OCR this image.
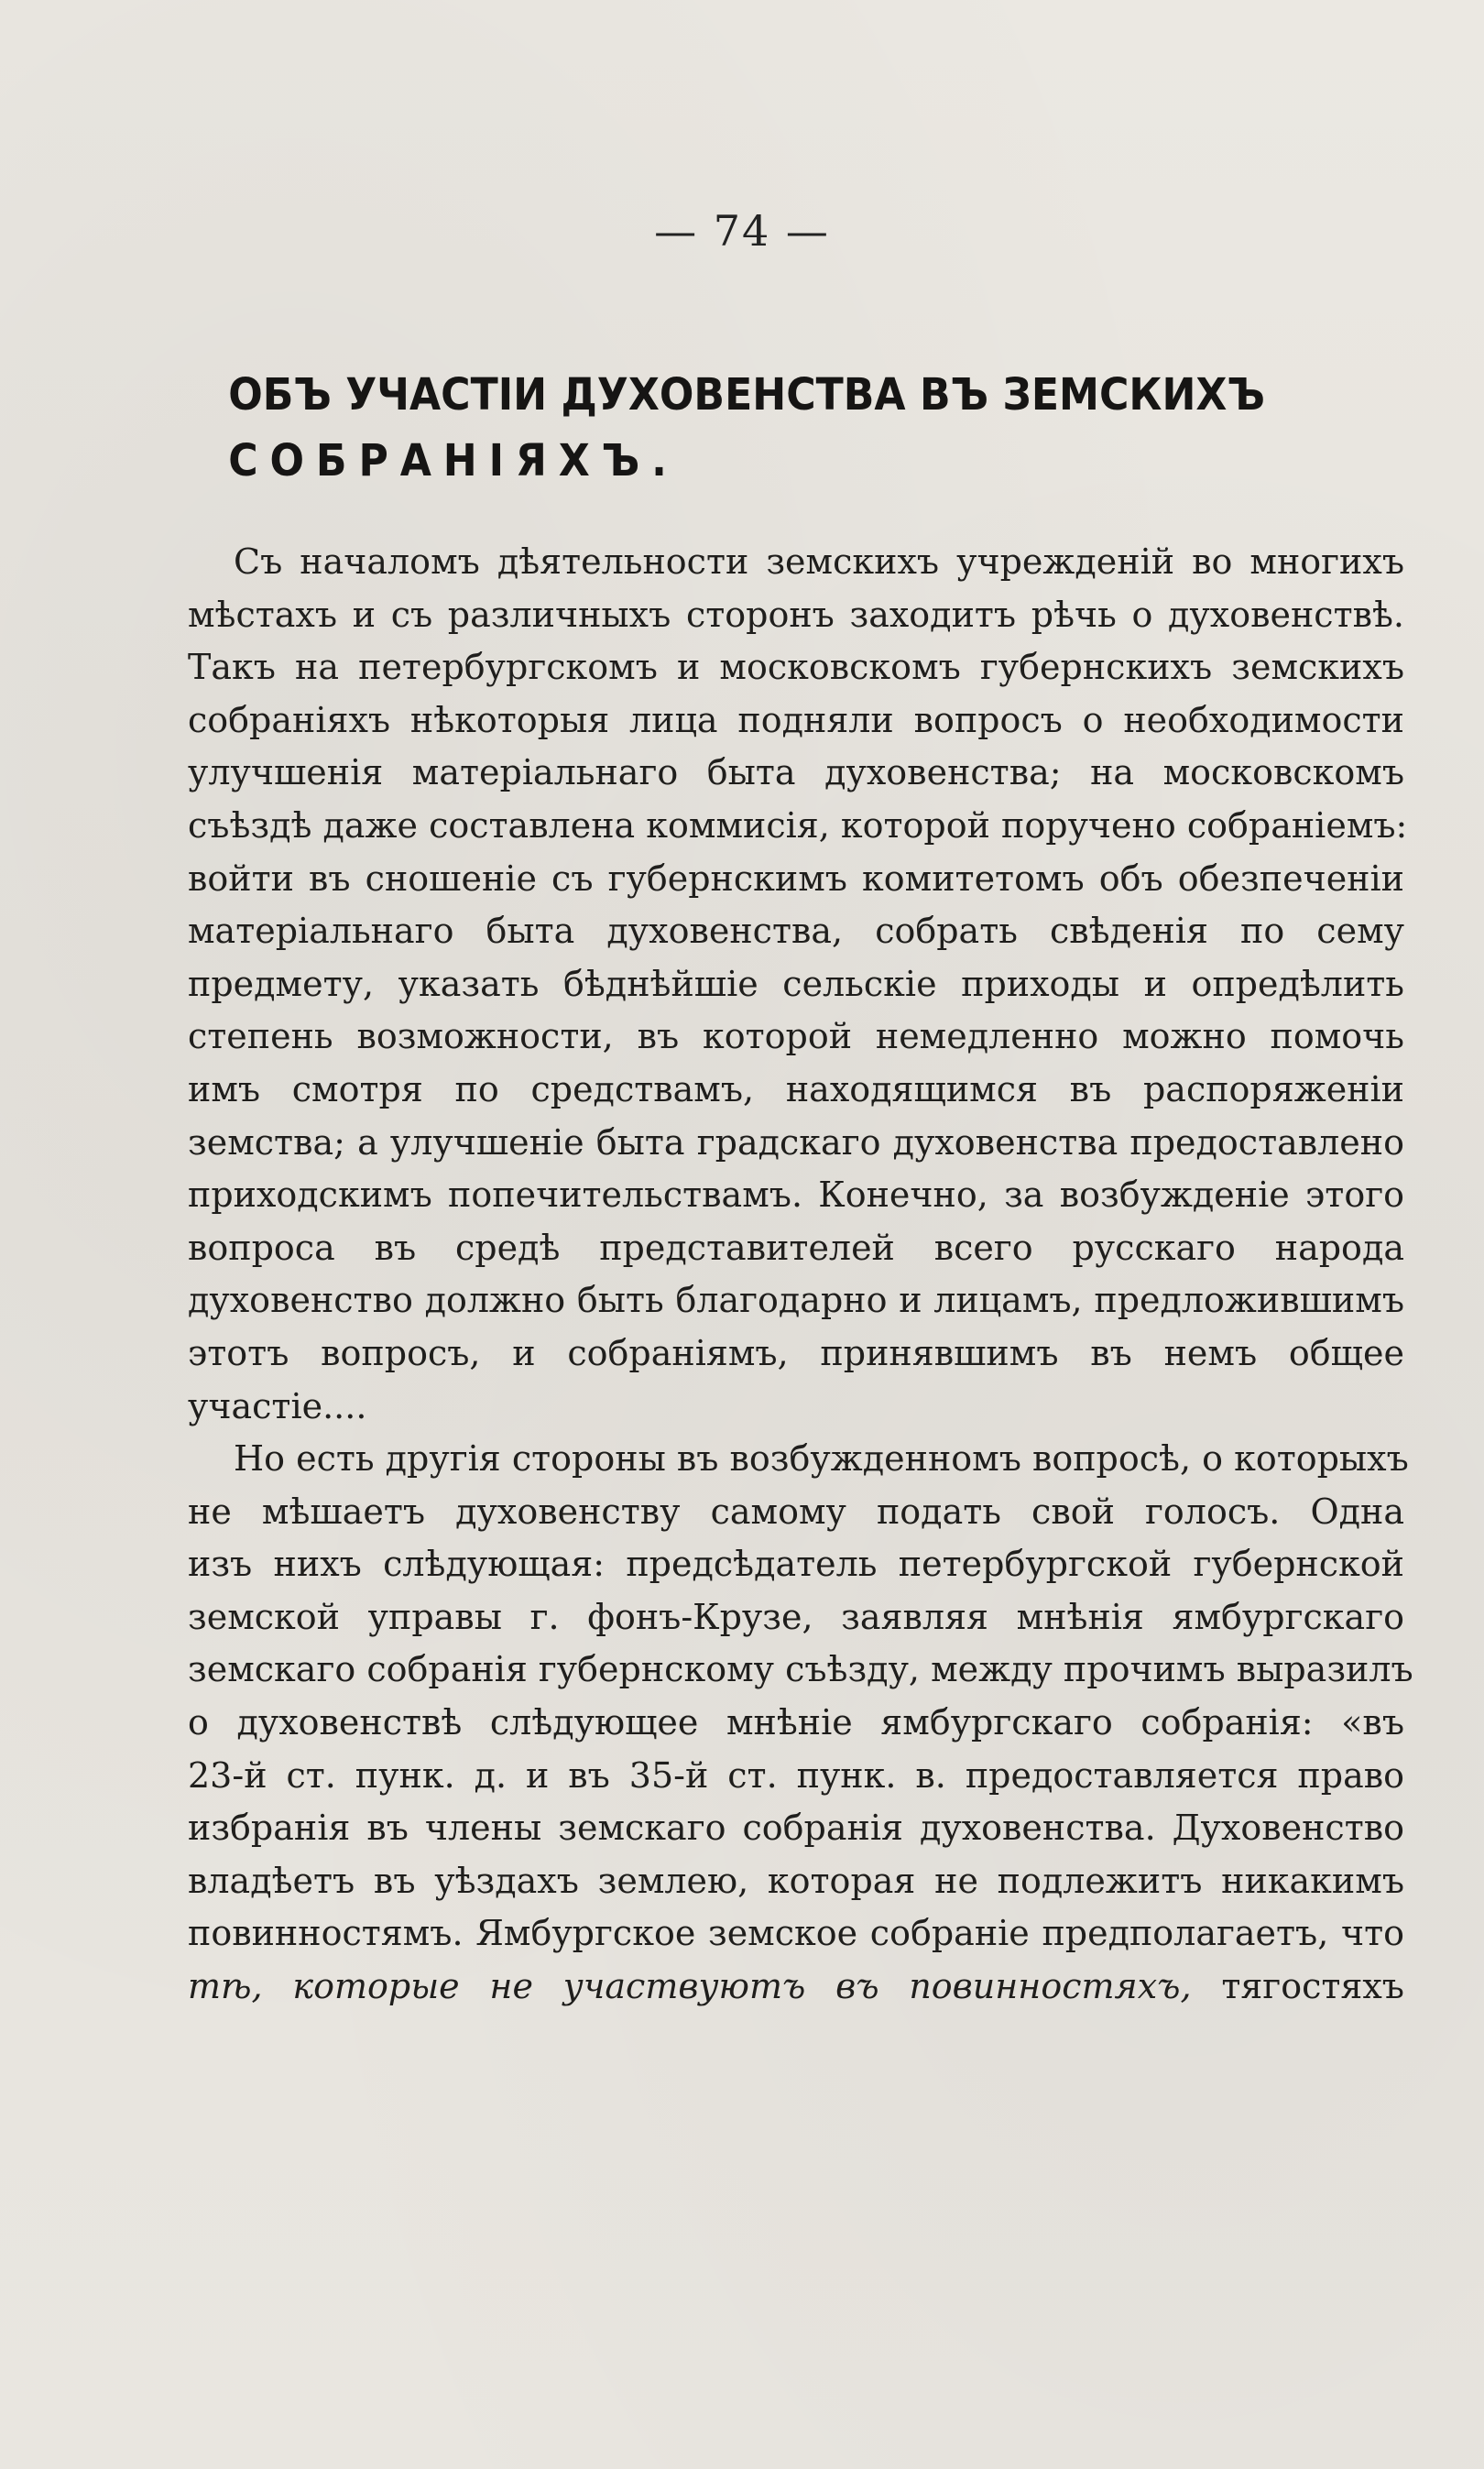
— 74 —
ОБЪ УЧАСТІИ ДУХОВЕНСТВА ВЪ ЗЕМСКИХЪ
СОБРАНІЯХЪ.
Съ началомъ дѣятельности земскихъ учрежденій во многихъ
мѣстахъ и съ различныхъ сторонъ заходитъ рѣчь о духовенствѣ.
Такъ на петербургскомъ и московскомъ губернскихъ земскихъ
собраніяхъ нѣкоторыя лица подняли вопросъ о необходимости
улучшенія матеріальнаго быта духовенства; на московскомъ
съѣздѣ даже составлена коммисія, которой поручено собраніемъ:
войти въ сношеніе съ губернскимъ комитетомъ объ обезпеченіи
матеріальнаго быта духовенства, собрать свѣденія по сему
предмету, указать бѣднѣйшіе сельскіе приходы и опредѣлить
степень возможности, въ которой немедленно можно помочь
имъ смотря по средствамъ, находящимся въ распоряженіи
земства; а улучшеніе быта градскаго духовенства предоставлено
приходскимъ попечительствамъ. Конечно, за возбужденіе этого
вопроса въ средѣ представителей всего русскаго народа
духовенство должно быть благодарно и лицамъ, предложившимъ
этотъ вопросъ, и собраніямъ, принявшимъ въ немъ общее
участіе....
Но есть другія стороны въ возбужденномъ вопросѣ, о которыхъ
не мѣшаетъ духовенству самому подать свой голосъ. Одна
изъ нихъ слѣдующая: предсѣдатель петербургской губернской
земской управы г. фонъ-Крузе, заявляя мнѣнія ямбургскаго
земскаго собранія губернскому съѣзду, между прочимъ выразилъ
о духовенствѣ слѣдующее мнѣніе ямбургскаго собранія: «въ
23-й ст. пунк. д. и въ 35-й ст. пунк. в. предоставляется право
избранія въ члены земскаго собранія духовенства. Духовенство
владѣетъ въ уѣздахъ землею, которая не подлежитъ никакимъ
повинностямъ. Ямбургское земское собраніе предполагаетъ, что
тѣ, которые не участвуютъ въ повинностяхъ, тягостяхъ
